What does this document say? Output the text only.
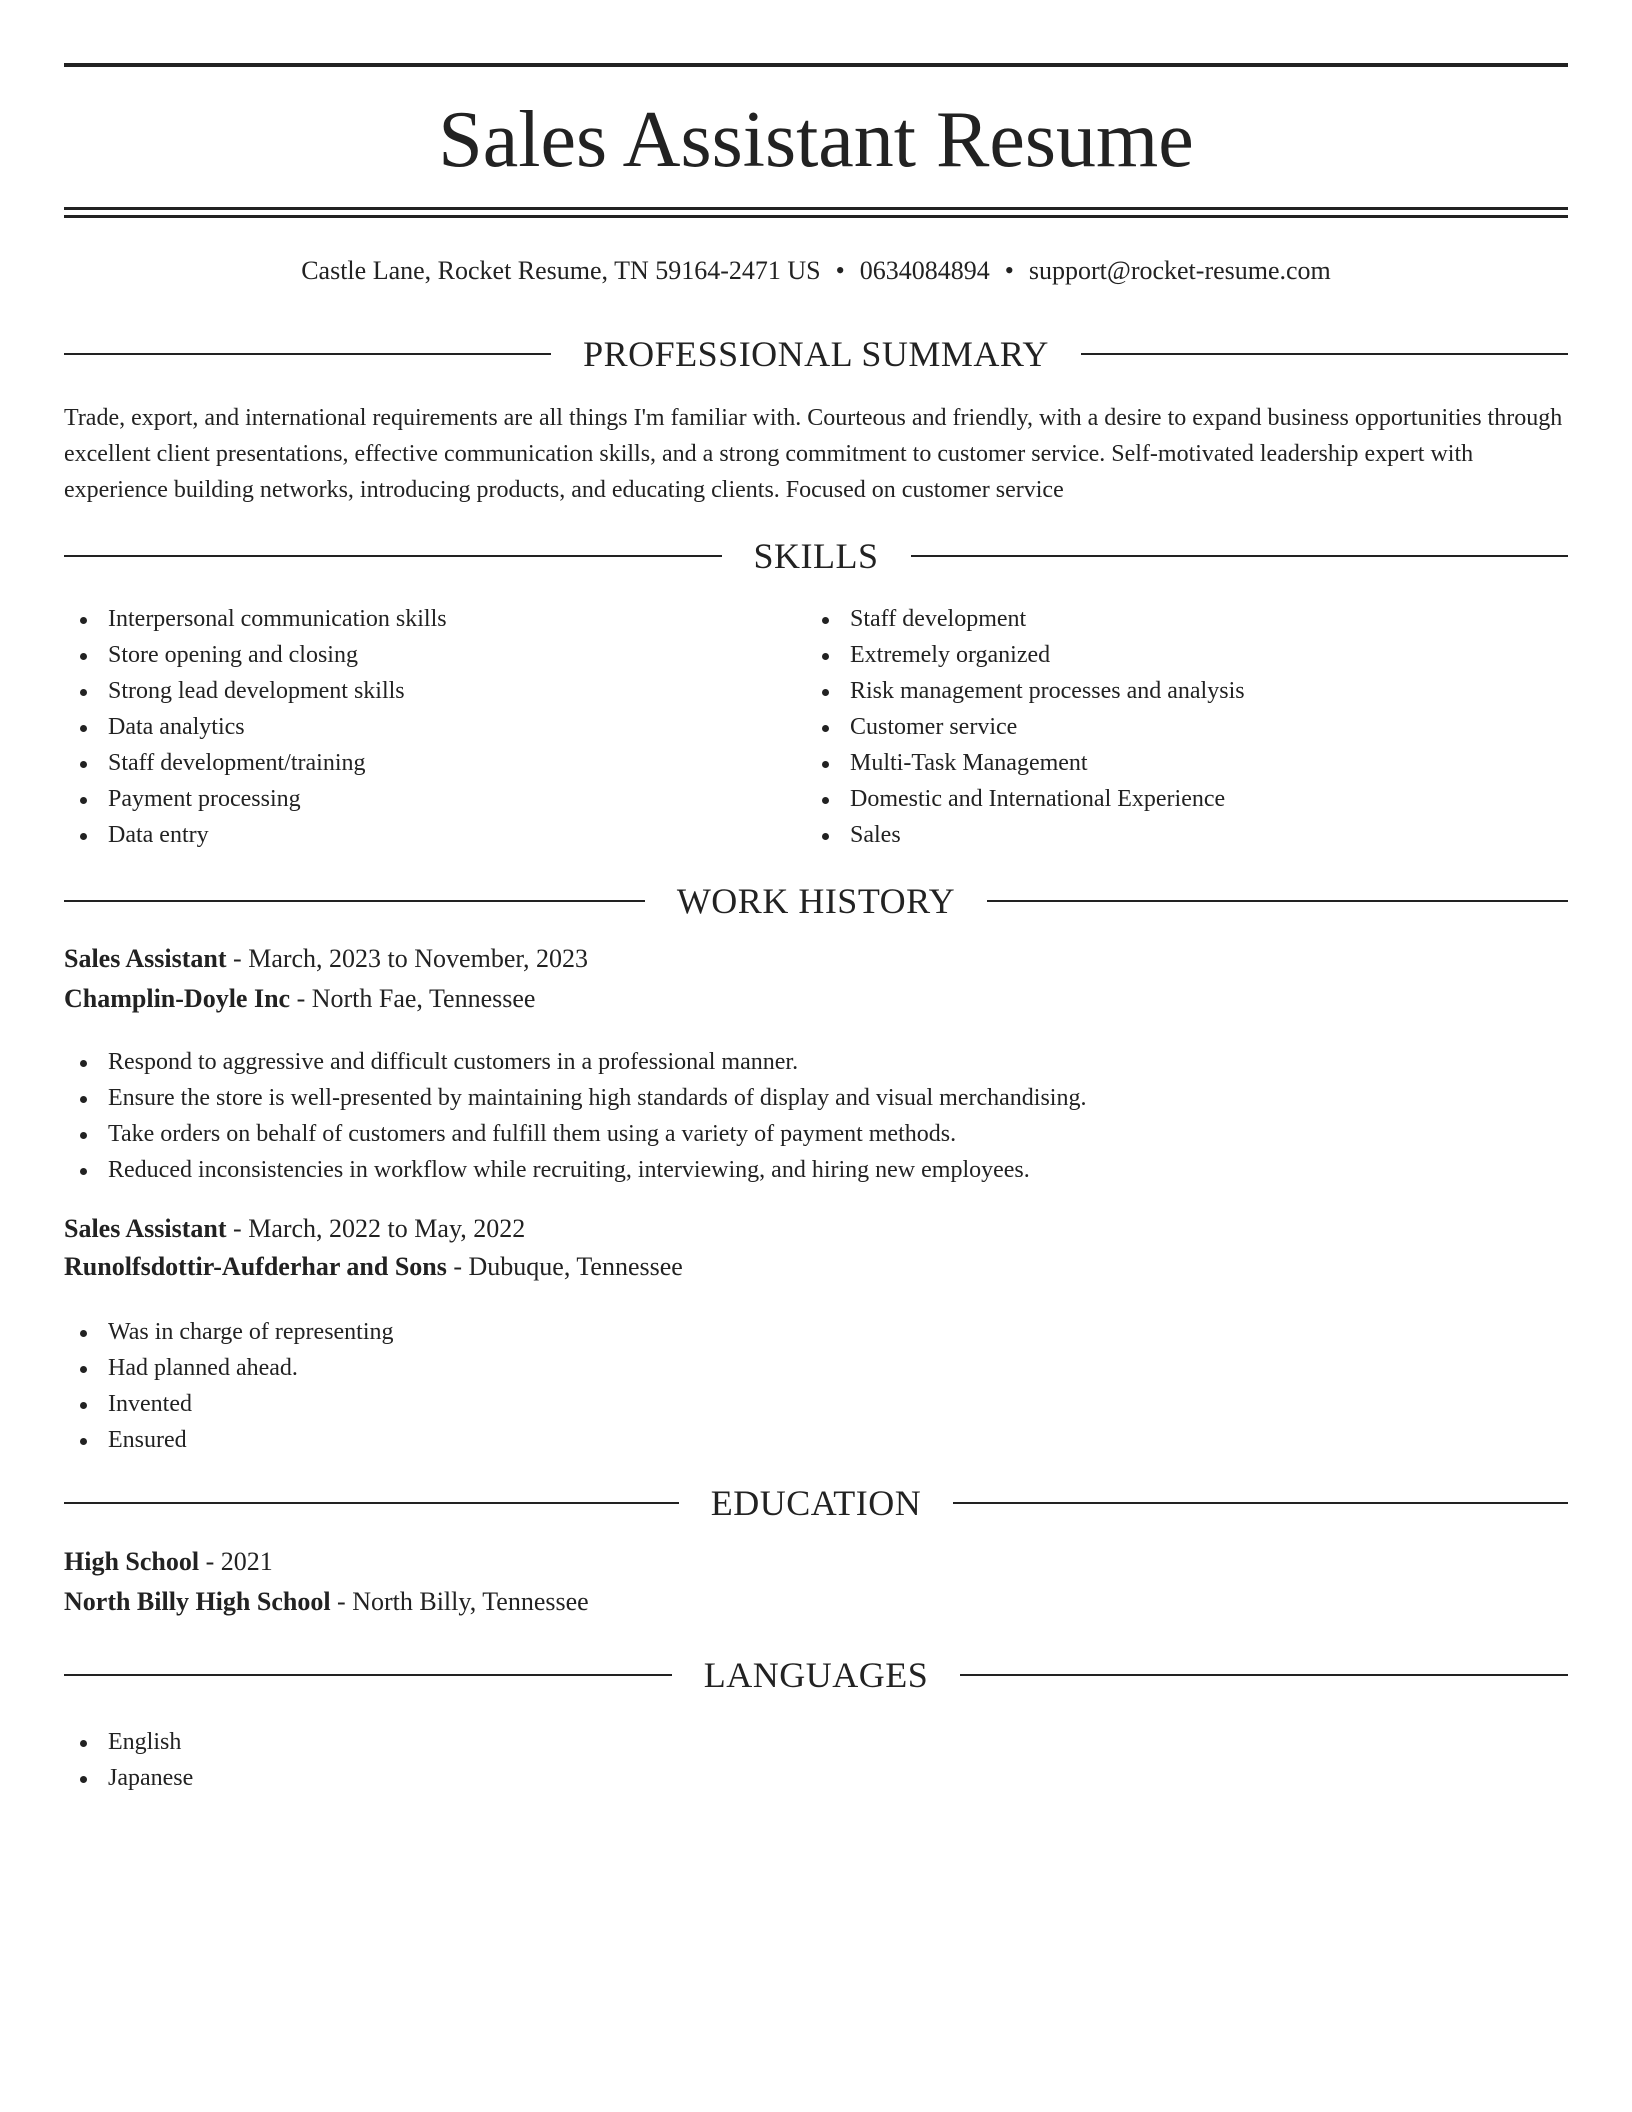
Sales Assistant Resume
Castle Lane, Rocket Resume, TN 59164-2471 US • 0634084894 • support@rocket-resume.com
PROFESSIONAL SUMMARY

Trade, export, and international requirements are all things I'm familiar with. Courteous and friendly, with a desire to expand business opportunities through excellent client presentations, effective communication skills, and a strong commitment to customer service. Self-motivated leadership expert with experience building networks, introducing products, and educating clients. Focused on customer service

SKILLS
Interpersonal communication skills
Store opening and closing
Strong lead development skills
Data analytics
Staff development/training
Payment processing
Data entry
Staff development
Extremely organized
Risk management processes and analysis
Customer service
Multi-Task Management
Domestic and International Experience
Sales
WORK HISTORY
Sales Assistant - March, 2023 to November, 2023
Champlin-Doyle Inc - North Fae, Tennessee
Respond to aggressive and difficult customers in a professional manner.
Ensure the store is well-presented by maintaining high standards of display and visual merchandising.
Take orders on behalf of customers and fulfill them using a variety of payment methods.
Reduced inconsistencies in workflow while recruiting, interviewing, and hiring new employees.
Sales Assistant - March, 2022 to May, 2022
Runolfsdottir-Aufderhar and Sons - Dubuque, Tennessee
Was in charge of representing
Had planned ahead.
Invented
Ensured
EDUCATION
High School - 2021
North Billy High School - North Billy, Tennessee
LANGUAGES
English
Japanese
